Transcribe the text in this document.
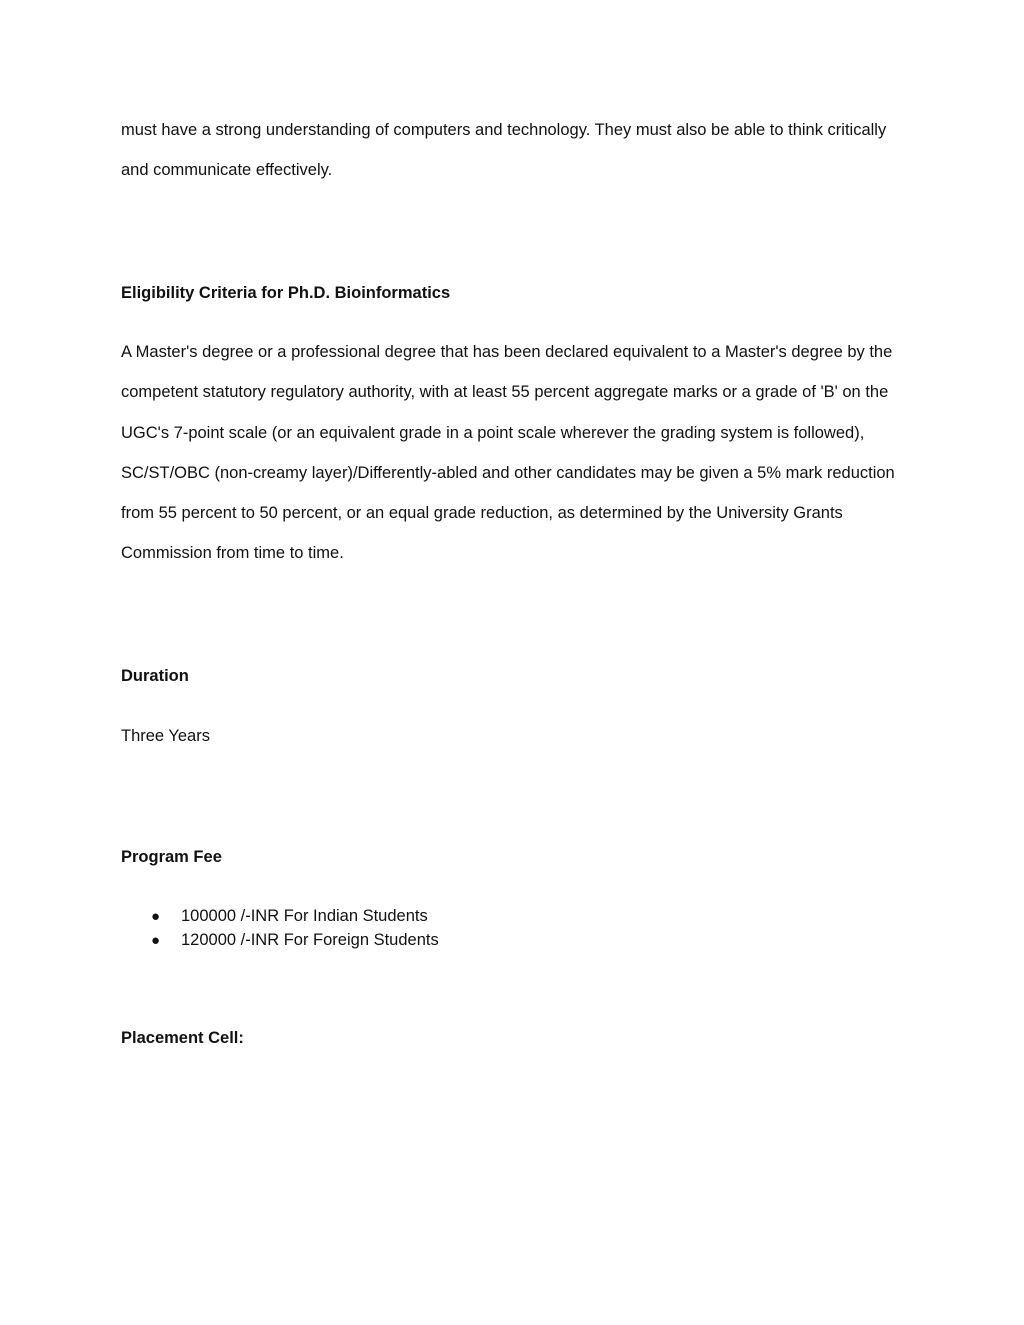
must have a strong understanding of computers and technology. They must also be able to think critically and communicate effectively.

Eligibility Criteria for Ph.D. Bioinformatics

A Master's degree or a professional degree that has been declared equivalent to a Master's degree by the competent statutory regulatory authority, with at least 55 percent aggregate marks or a grade of 'B' on the UGC's 7-point scale (or an equivalent grade in a point scale wherever the grading system is followed), SC/ST/OBC (non-creamy layer)/Differently-abled and other candidates may be given a 5% mark reduction from 55 percent to 50 percent, or an equal grade reduction, as determined by the University Grants Commission from time to time.

Duration

Three Years

Program Fee

● 100000 /-INR For Indian Students
● 120000 /-INR For Foreign Students

Placement Cell:
